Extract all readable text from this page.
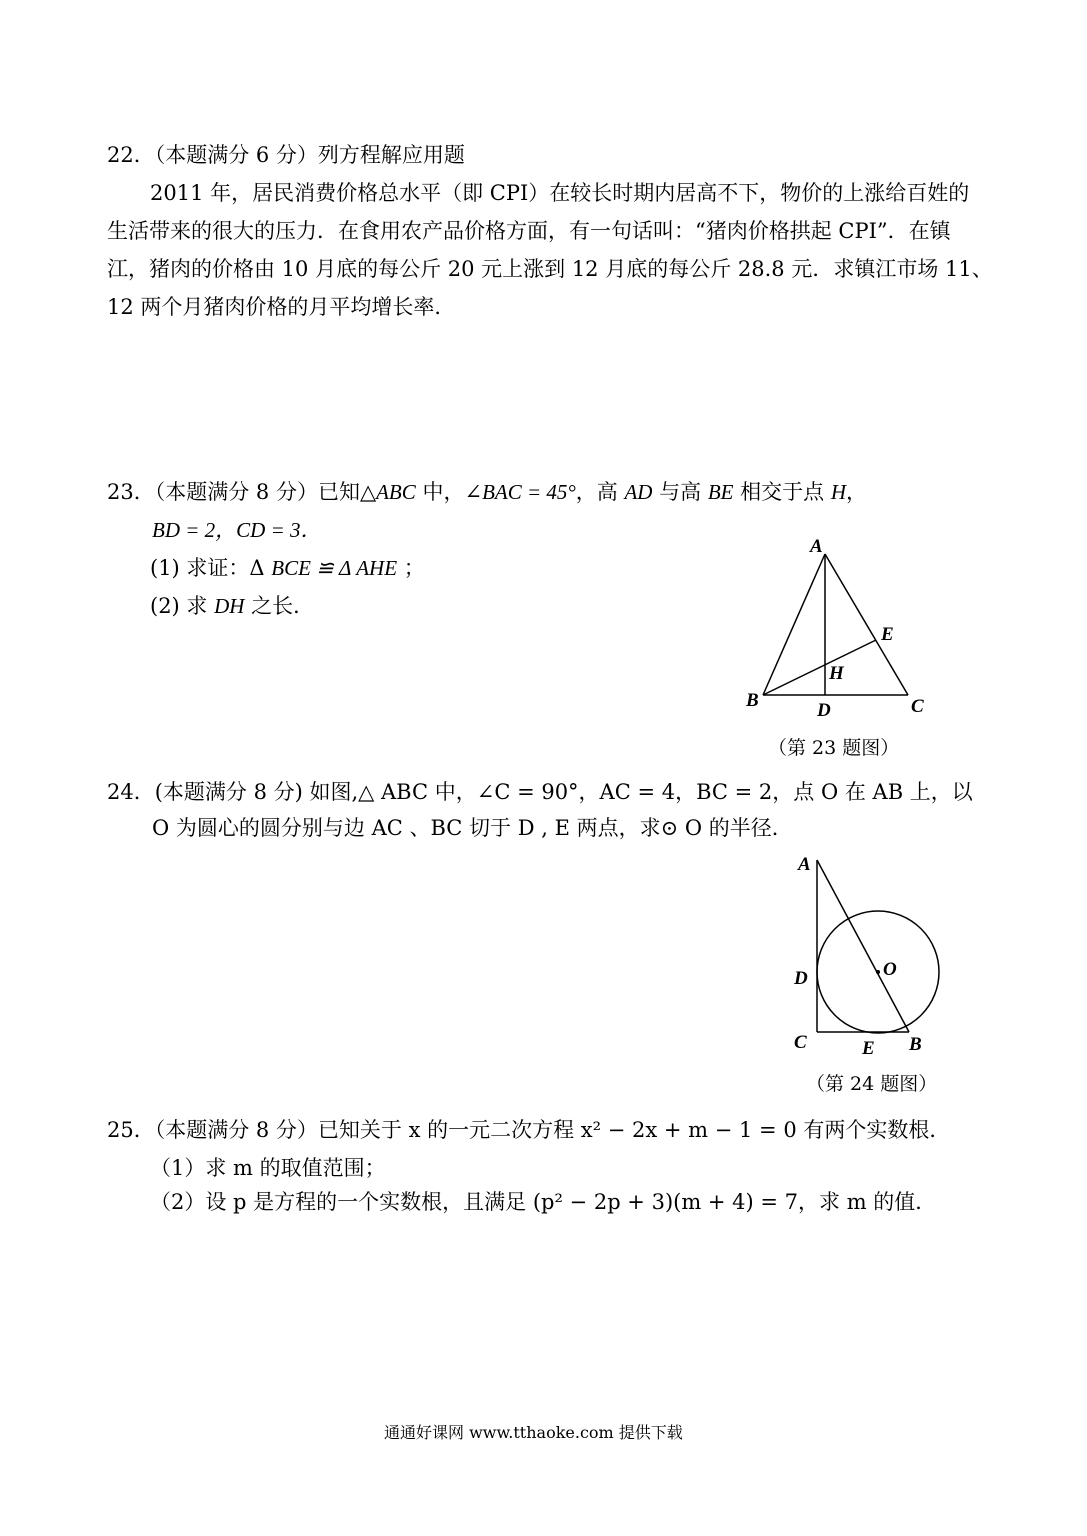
22．（本题满分 6 分）列方程解应用题
2011 年，居民消费价格总水平（即 CPI）在较长时期内居高不下，物价的上涨给百姓的
生活带来的很大的压力．在食用农产品价格方面，有一句话叫：“猪肉价格拱起 CPI”．在镇
江，猪肉的价格由 10 月底的每公斤 20 元上涨到 12 月底的每公斤 28.8 元．求镇江市场 11、
12 两个月猪肉价格的月平均增长率．
23．（本题满分 8 分）已知△ABC 中，∠BAC = 45°，高 AD 与高 BE 相交于点 H，
BD = 2，CD = 3．
(1) 求证：Δ BCE ≌ Δ AHE ；
(2) 求 DH 之长．
A
B	C
D
E
H
（第 23 题图）
24．(本题满分 8 分) 如图,△ ABC 中，∠C = 90°，AC = 4，BC = 2，点 O 在 AB 上，以
O 为圆心的圆分别与边 AC 、BC 切于 D , E 两点，求⊙ O 的半径．
A
B
C
D
E
O
（第 24 题图）
25．（本题满分 8 分）已知关于 x 的一元二次方程 x² − 2x + m − 1 = 0 有两个实数根．
（1）求 m 的取值范围；
（2）设 p 是方程的一个实数根，且满足 (p² − 2p + 3)(m + 4) = 7，求 m 的值．
通通好课网 www.tthaoke.com 提供下载
